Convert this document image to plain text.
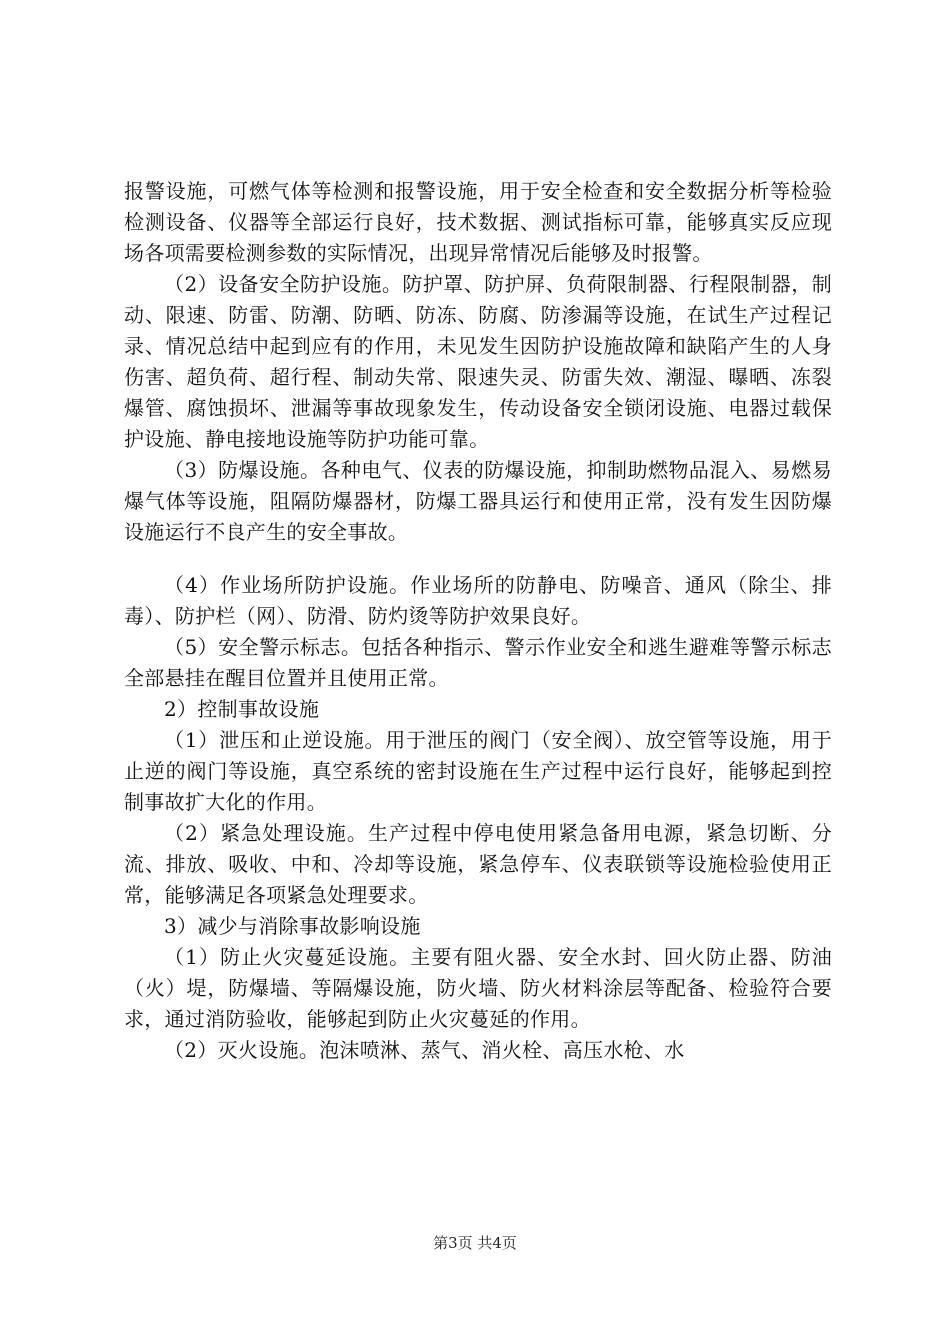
报警设施，可燃气体等检测和报警设施，用于安全检查和安全数据分析等检验检测设备、仪器等全部运行良好，技术数据、测试指标可靠，能够真实反应现场各项需要检测参数的实际情况，出现异常情况后能够及时报警。

（2）设备安全防护设施。防护罩、防护屏、负荷限制器、行程限制器，制动、限速、防雷、防潮、防晒、防冻、防腐、防渗漏等设施，在试生产过程记录、情况总结中起到应有的作用，未见发生因防护设施故障和缺陷产生的人身伤害、超负荷、超行程、制动失常、限速失灵、防雷失效、潮湿、曝晒、冻裂爆管、腐蚀损坏、泄漏等事故现象发生，传动设备安全锁闭设施、电器过载保护设施、静电接地设施等防护功能可靠。

（3）防爆设施。各种电气、仪表的防爆设施，抑制助燃物品混入、易燃易爆气体等设施，阻隔防爆器材，防爆工器具运行和使用正常，没有发生因防爆设施运行不良产生的安全事故。

（4）作业场所防护设施。作业场所的防静电、防噪音、通风（除尘、排毒）、防护栏（网）、防滑、防灼烫等防护效果良好。

（5）安全警示标志。包括各种指示、警示作业安全和逃生避难等警示标志全部悬挂在醒目位置并且使用正常。

2）控制事故设施

（1）泄压和止逆设施。用于泄压的阀门（安全阀）、放空管等设施，用于止逆的阀门等设施，真空系统的密封设施在生产过程中运行良好，能够起到控制事故扩大化的作用。

（2）紧急处理设施。生产过程中停电使用紧急备用电源，紧急切断、分流、排放、吸收、中和、冷却等设施，紧急停车、仪表联锁等设施检验使用正常，能够满足各项紧急处理要求。

3）减少与消除事故影响设施

（1）防止火灾蔓延设施。主要有阻火器、安全水封、回火防止器、防油（火）堤，防爆墙、等隔爆设施，防火墙、防火材料涂层等配备、检验符合要求，通过消防验收，能够起到防止火灾蔓延的作用。

（2）灭火设施。泡沫喷淋、蒸气、消火栓、高压水枪、水

第3页 共4页
